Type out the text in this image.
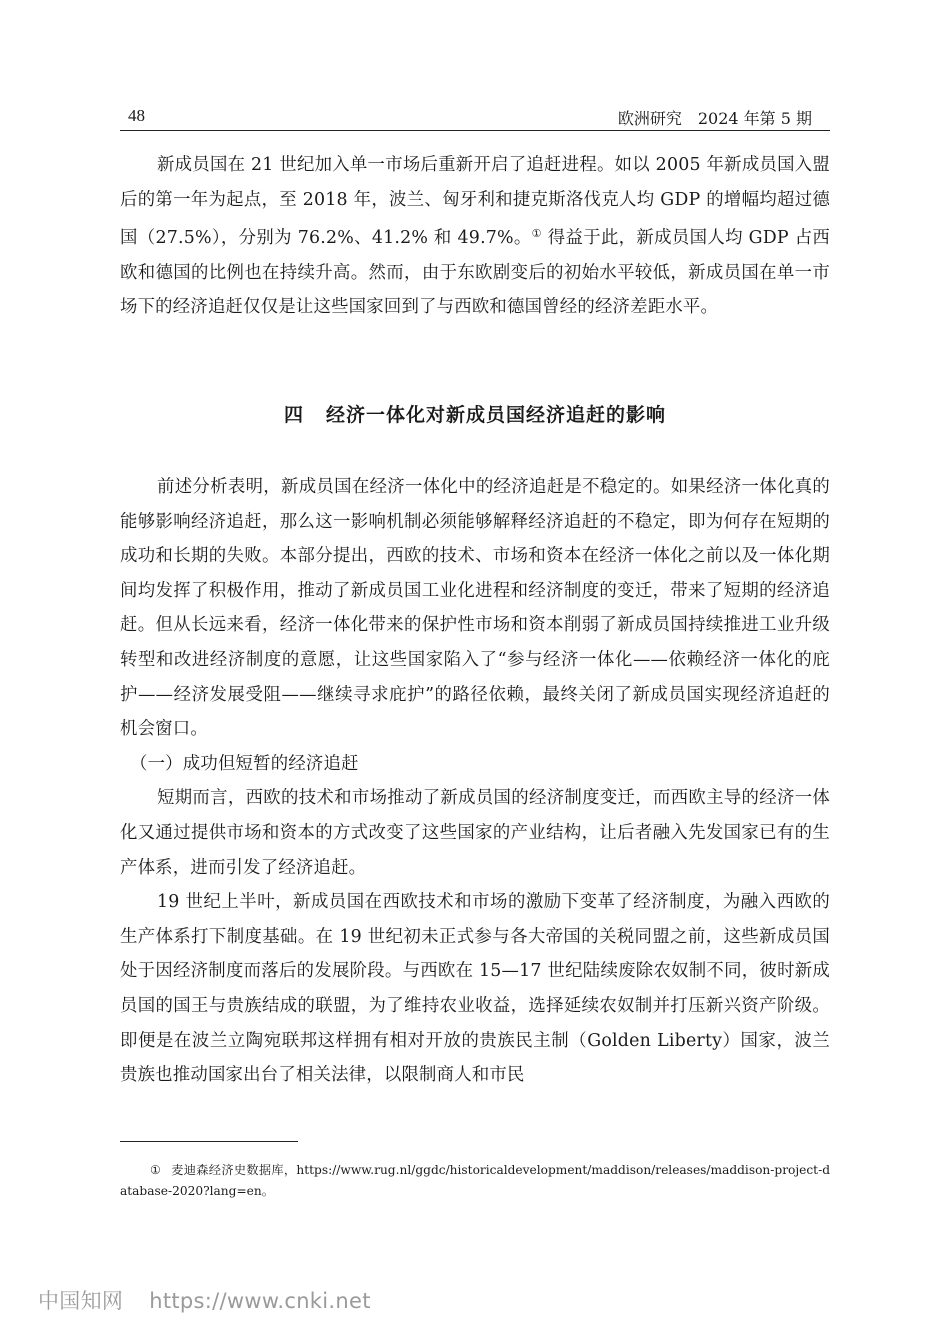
48	欧洲研究 2024 年第 5 期

新成员国在 21 世纪加入单一市场后重新开启了追赶进程。如以 2005 年新成员国入盟后的第一年为起点，至 2018 年，波兰、匈牙利和捷克斯洛伐克人均 GDP 的增幅均超过德国（27.5%），分别为 76.2%、41.2% 和 49.7%。① 得益于此，新成员国人均 GDP 占西欧和德国的比例也在持续升高。然而，由于东欧剧变后的初始水平较低，新成员国在单一市场下的经济追赶仅仅是让这些国家回到了与西欧和德国曾经的经济差距水平。

四 经济一体化对新成员国经济追赶的影响

前述分析表明，新成员国在经济一体化中的经济追赶是不稳定的。如果经济一体化真的能够影响经济追赶，那么这一影响机制必须能够解释经济追赶的不稳定，即为何存在短期的成功和长期的失败。本部分提出，西欧的技术、市场和资本在经济一体化之前以及一体化期间均发挥了积极作用，推动了新成员国工业化进程和经济制度的变迁，带来了短期的经济追赶。但从长远来看，经济一体化带来的保护性市场和资本削弱了新成员国持续推进工业升级转型和改进经济制度的意愿，让这些国家陷入了“参与经济一体化——依赖经济一体化的庇护——经济发展受阻——继续寻求庇护”的路径依赖，最终关闭了新成员国实现经济追赶的机会窗口。

（一）成功但短暂的经济追赶

短期而言，西欧的技术和市场推动了新成员国的经济制度变迁，而西欧主导的经济一体化又通过提供市场和资本的方式改变了这些国家的产业结构，让后者融入先发国家已有的生产体系，进而引发了经济追赶。

19 世纪上半叶，新成员国在西欧技术和市场的激励下变革了经济制度，为融入西欧的生产体系打下制度基础。在 19 世纪初未正式参与各大帝国的关税同盟之前，这些新成员国处于因经济制度而落后的发展阶段。与西欧在 15—17 世纪陆续废除农奴制不同，彼时新成员国的国王与贵族结成的联盟，为了维持农业收益，选择延续农奴制并打压新兴资产阶级。即便是在波兰立陶宛联邦这样拥有相对开放的贵族民主制（Golden Liberty）国家，波兰贵族也推动国家出台了相关法律，以限制商人和市民

① 麦迪森经济史数据库，https://www.rug.nl/ggdc/historicaldevelopment/maddison/releases/maddison-project-database-2020?lang=en。
中国知网 https://www.cnki.net
